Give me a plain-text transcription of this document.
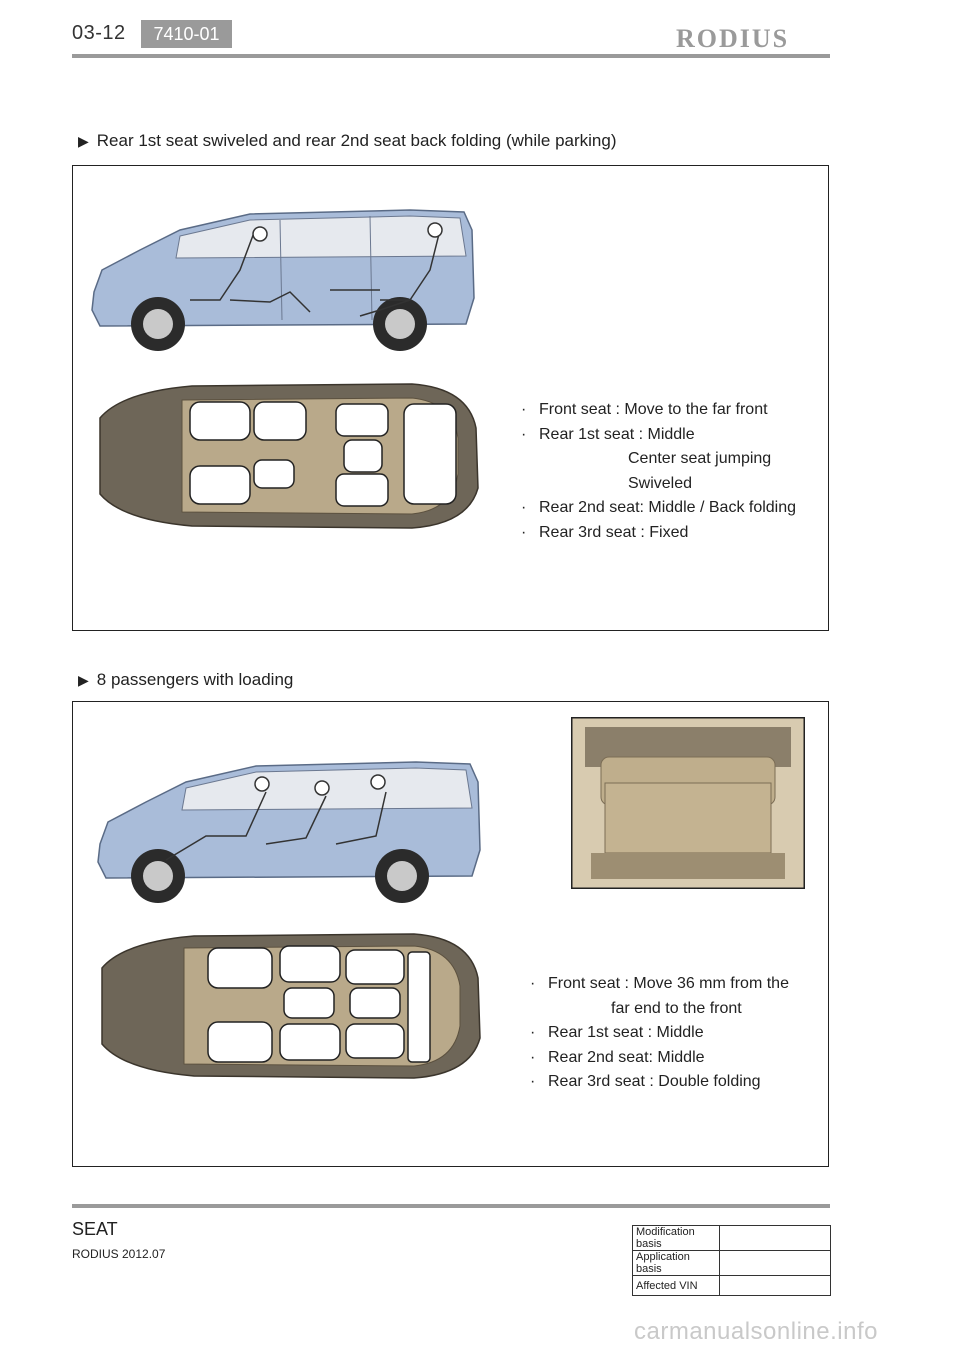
03-12	7410-01	RODIUS
▶ Rear 1st seat swiveled and rear 2nd seat back folding (while parking)
· Front seat : Move to the far front
· Rear 1st seat : Middle
Center seat jumping
Swiveled
· Rear 2nd seat: Middle / Back folding
· Rear 3rd seat : Fixed
▶ 8 passengers with loading
· Front seat : Move 36 mm from the
far end to the front
· Rear 1st seat : Middle
· Rear 2nd seat: Middle
· Rear 3rd seat : Double folding
SEAT
RODIUS 2012.07
Modification basis	
Application basis	
Affected VIN	
carmanualsonline.info
